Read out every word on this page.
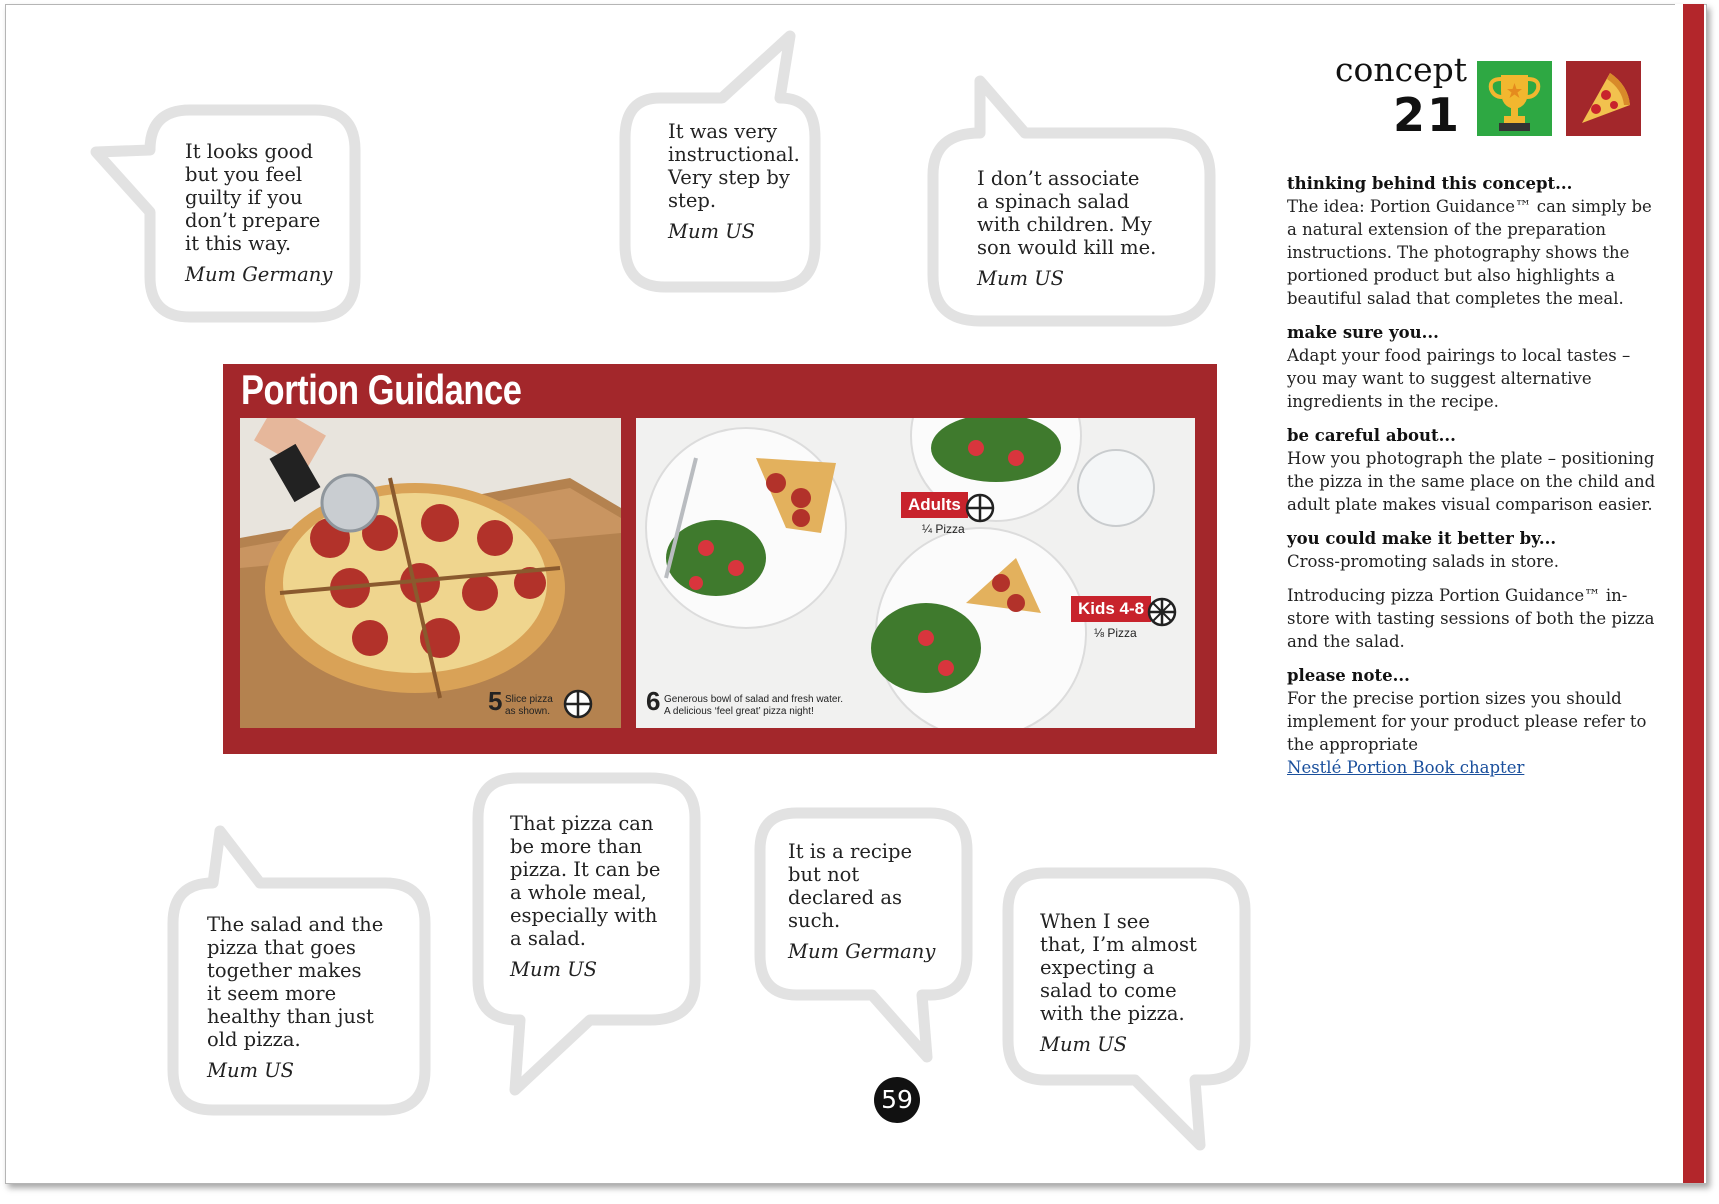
It looks good
but you feel
guilty if you
don’t prepare
it this way.
Mum Germany
It was very
instructional.
Very step by
step.
Mum US
I don’t associate
a spinach salad
with children. My
son would kill me.
Mum US
Portion Guidance
5 Slice pizza
as shown.
Adults
¼ Pizza
Kids 4-8
⅛ Pizza
6 Generous bowl of salad and fresh water.
A delicious ‘feel great’ pizza night!
The salad and the
pizza that goes
together makes
it seem more
healthy than just
old pizza.
Mum US
That pizza can
be more than
pizza. It can be
a whole meal,
especially with
a salad.
Mum US
It is a recipe
but not
declared as
such.
Mum Germany
When I see
that, I’m almost
expecting a
salad to come
with the pizza.
Mum US
concept
21
thinking behind this concept...

The idea: Portion Guidance™ can simply be a natural extension of the preparation instructions. The photography shows the portioned product but also highlights a beautiful salad that completes the meal.

make sure you...

Adapt your food pairings to local tastes – you may want to suggest alternative ingredients in the recipe.

be careful about...

How you photograph the plate – positioning the pizza in the same place on the child and adult plate makes visual comparison easier.

you could make it better by...

Cross-promoting salads in store.

Introducing pizza Portion Guidance™ in-store with tasting sessions of both the pizza and the salad.

please note...

For the precise portion sizes you should implement for your product please refer to the appropriate
Nestlé Portion Book chapter

59
